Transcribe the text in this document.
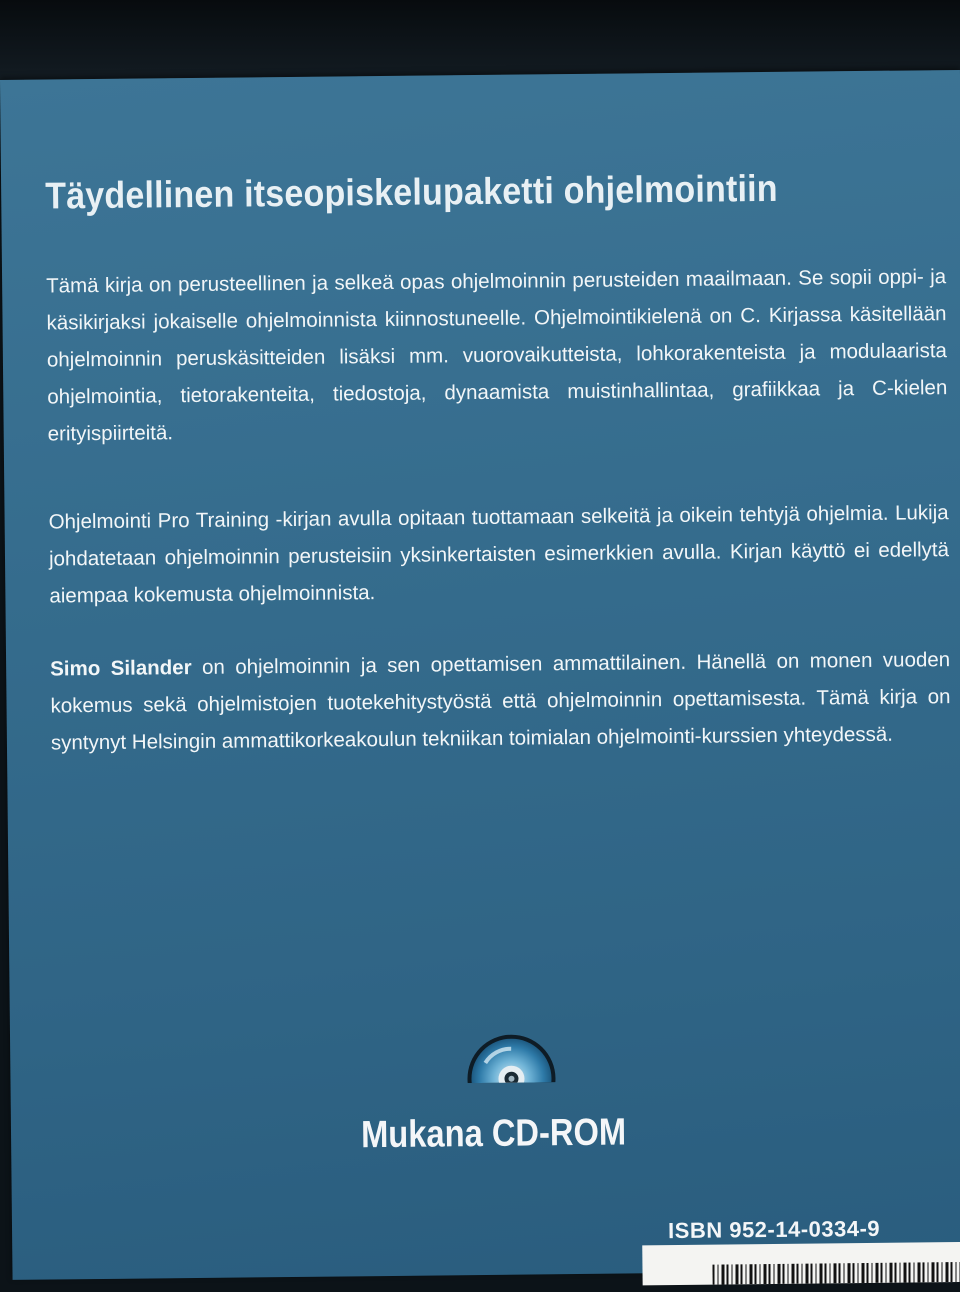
Täydellinen itseopiskelupaketti ohjelmointiin

Tämä kirja on perusteellinen ja selkeä opas ohjelmoinnin perusteiden maailmaan. Se sopii oppi- ja käsikirjaksi jokaiselle ohjelmoinnista kiinnostuneelle. Ohjelmointikielenä on C. Kirjassa käsitellään ohjelmoinnin peruskäsitteiden lisäksi mm. vuorovaikutteista, lohkorakenteista ja modulaarista ohjelmointia, tietorakenteita, tiedostoja, dynaamista muistinhallintaa, grafiikkaa ja C-kielen erityispiirteitä.

Ohjelmointi Pro Training -kirjan avulla opitaan tuottamaan selkeitä ja oikein tehtyjä ohjelmia. Lukija johdatetaan ohjelmoinnin perusteisiin yksinkertaisten esimerkkien avulla. Kirjan käyttö ei edellytä aiempaa kokemusta ohjelmoinnista.

Simo Silander on ohjelmoinnin ja sen opettamisen ammattilainen. Hänellä on monen vuoden kokemus sekä ohjelmistojen tuotekehitystyöstä että ohjelmoinnin opettamisesta. Tämä kirja on syntynyt Helsingin ammattikorkeakoulun tekniikan toimialan ohjelmointi-kurssien yhteydessä.

Mukana CD-ROM
ISBN 952-14-0334-9
